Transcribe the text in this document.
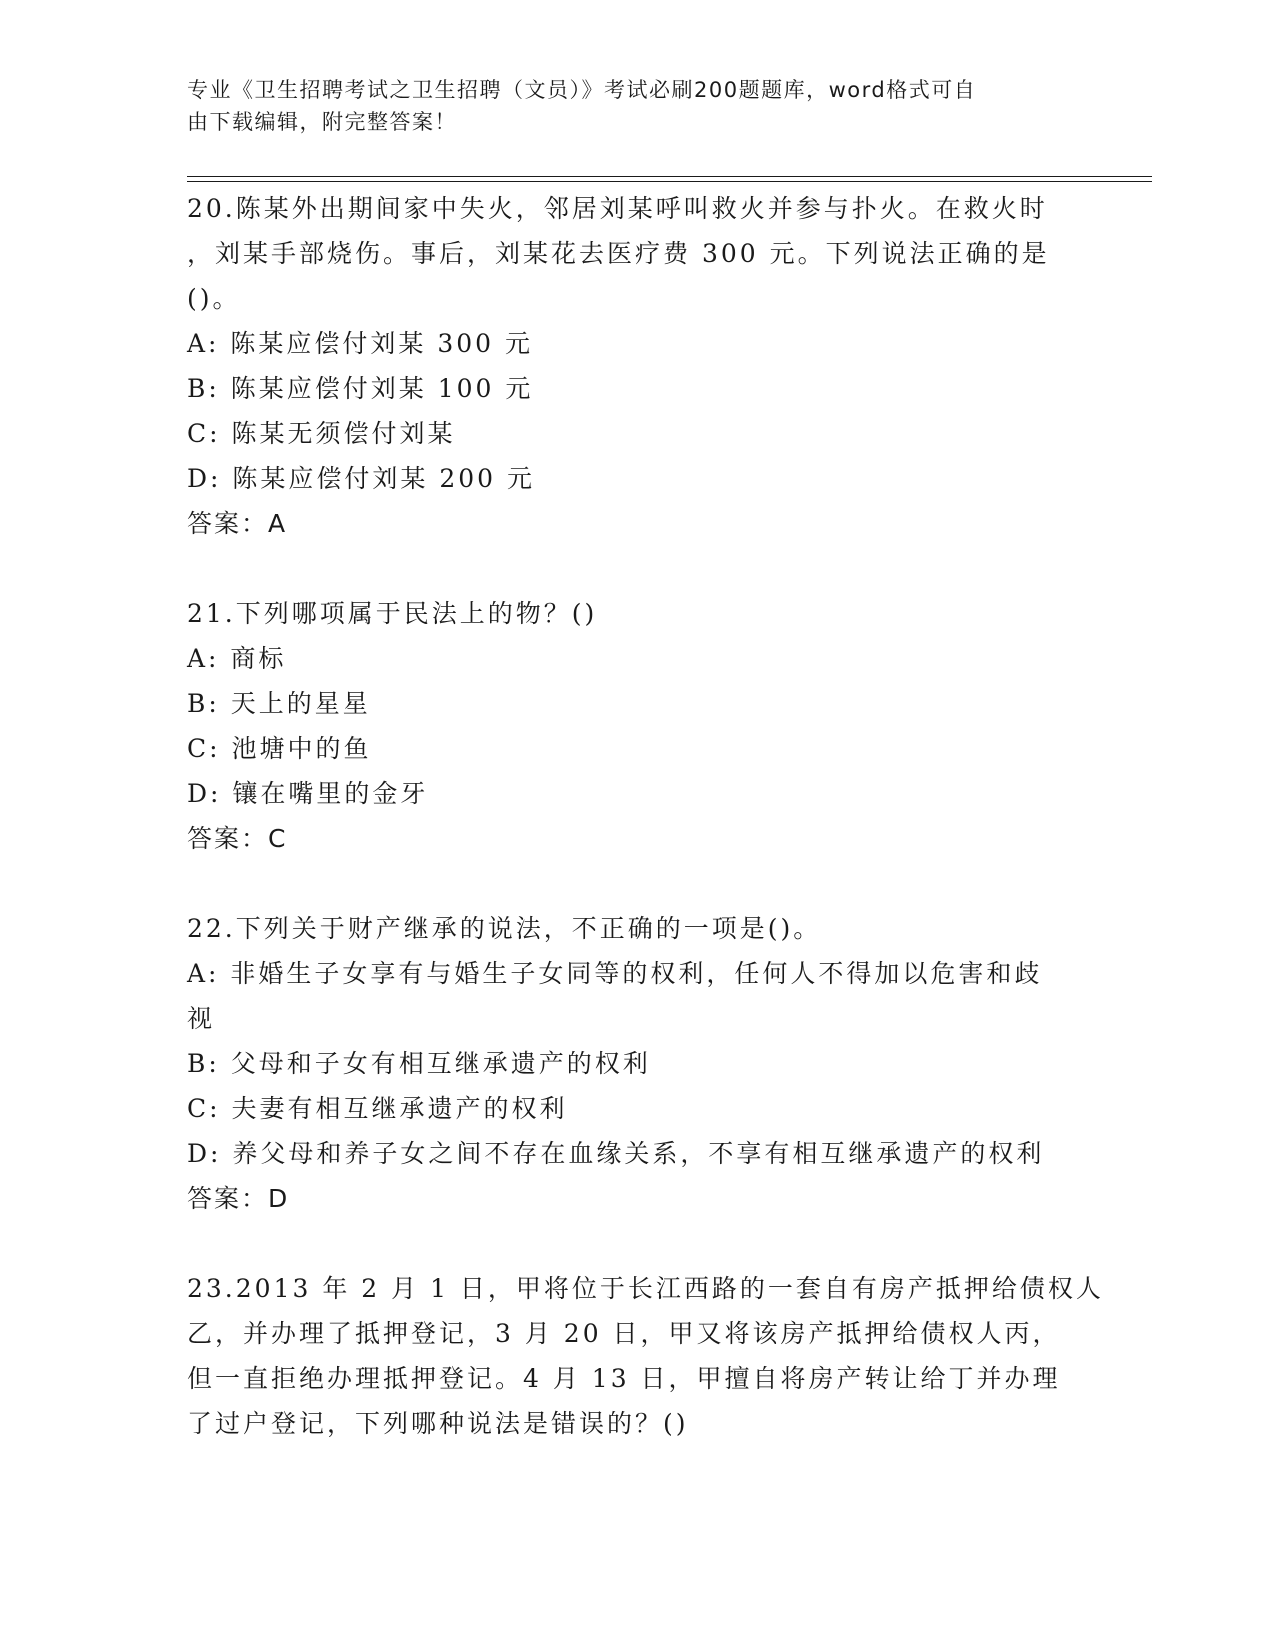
专业《卫生招聘考试之卫生招聘（文员）》考试必刷200题题库，word格式可自
由下载编辑，附完整答案！
20.陈某外出期间家中失火，邻居刘某呼叫救火并参与扑火。在救火时
，刘某手部烧伤。事后，刘某花去医疗费 300 元。下列说法正确的是
()。
A: 陈某应偿付刘某 300 元
B: 陈某应偿付刘某 100 元
C: 陈某无须偿付刘某
D: 陈某应偿付刘某 200 元
答案：A
21.下列哪项属于民法上的物？()
A: 商标
B: 天上的星星
C: 池塘中的鱼
D: 镶在嘴里的金牙
答案：C
22.下列关于财产继承的说法，不正确的一项是()。
A: 非婚生子女享有与婚生子女同等的权利，任何人不得加以危害和歧
视
B: 父母和子女有相互继承遗产的权利
C: 夫妻有相互继承遗产的权利
D: 养父母和养子女之间不存在血缘关系，不享有相互继承遗产的权利
答案：D
23.2013 年 2 月 1 日，甲将位于长江西路的一套自有房产抵押给债权人
乙，并办理了抵押登记，3 月 20 日，甲又将该房产抵押给债权人丙，
但一直拒绝办理抵押登记。4 月 13 日，甲擅自将房产转让给丁并办理
了过户登记，下列哪种说法是错误的？()
